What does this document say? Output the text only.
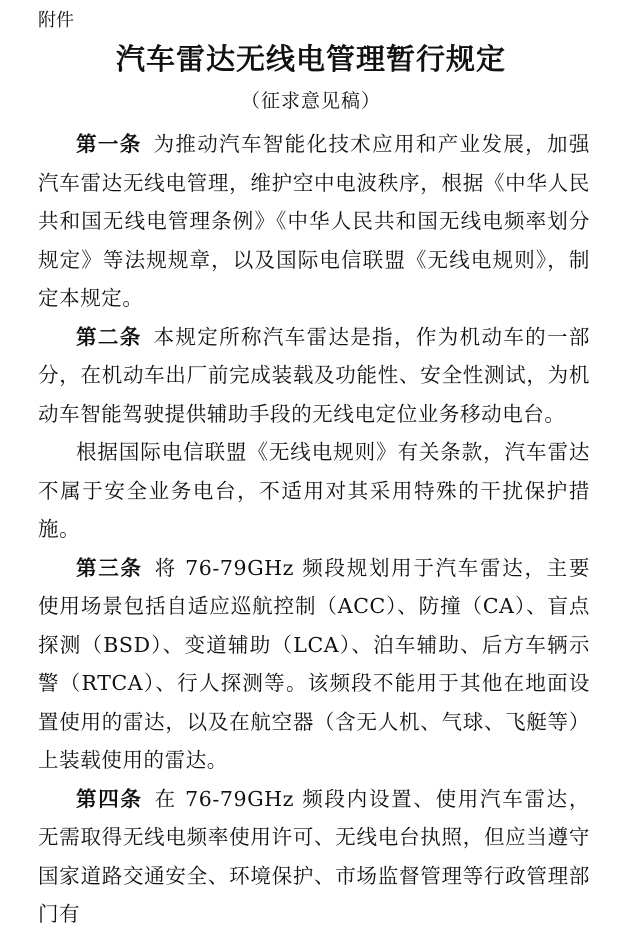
附件
汽车雷达无线电管理暂行规定
（征求意见稿）

第一条 为推动汽车智能化技术应用和产业发展，加强汽车雷达无线电管理，维护空中电波秩序，根据《中华人民共和国无线电管理条例》《中华人民共和国无线电频率划分规定》等法规规章，以及国际电信联盟《无线电规则》，制定本规定。

第二条 本规定所称汽车雷达是指，作为机动车的一部分，在机动车出厂前完成装载及功能性、安全性测试，为机动车智能驾驶提供辅助手段的无线电定位业务移动电台。

根据国际电信联盟《无线电规则》有关条款，汽车雷达不属于安全业务电台，不适用对其采用特殊的干扰保护措施。

第三条 将 76-79GHz 频段规划用于汽车雷达，主要使用场景包括自适应巡航控制（ACC）、防撞（CA）、盲点探测（BSD）、变道辅助（LCA）、泊车辅助、后方车辆示警（RTCA）、行人探测等。该频段不能用于其他在地面设置使用的雷达，以及在航空器（含无人机、气球、飞艇等）上装载使用的雷达。

第四条 在 76-79GHz 频段内设置、使用汽车雷达，无需取得无线电频率使用许可、无线电台执照，但应当遵守国家道路交通安全、环境保护、市场监督管理等行政管理部门有
